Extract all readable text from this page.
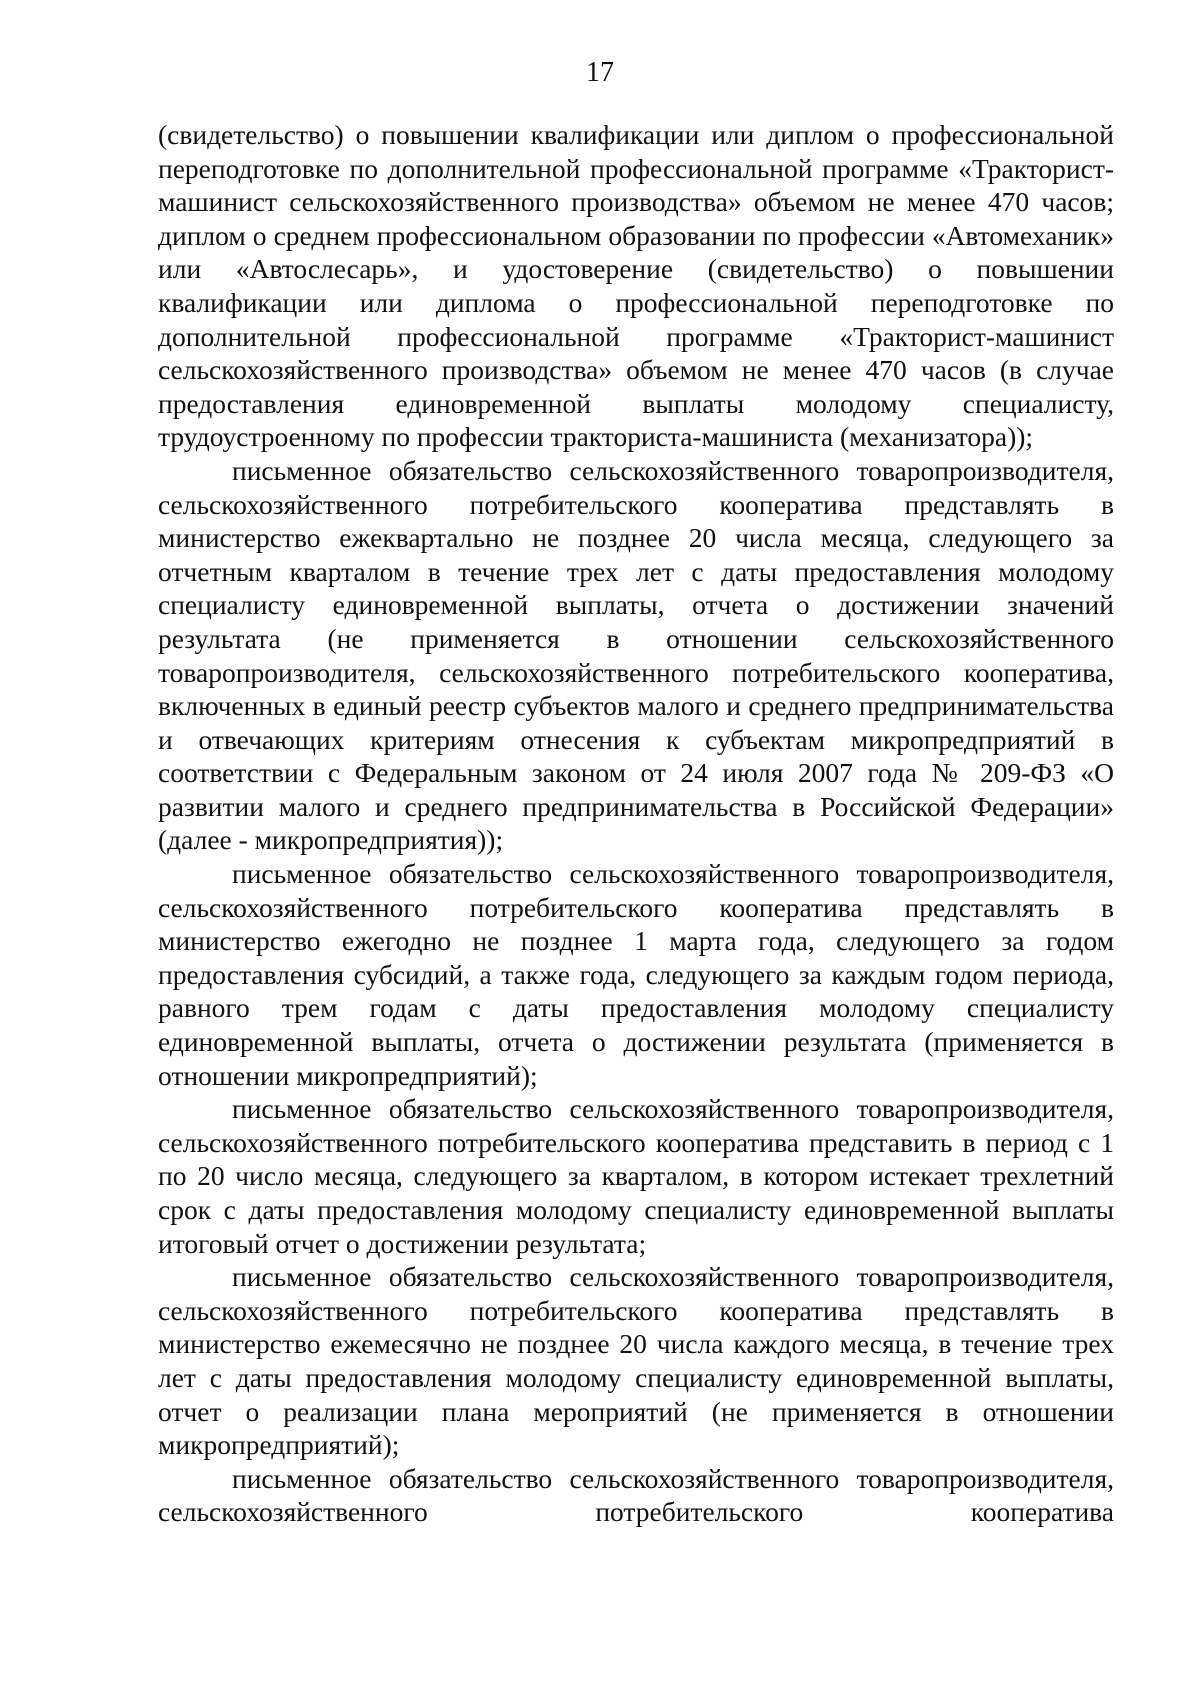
17

(свидетельство) о повышении квалификации или диплом о профессиональной переподготовке по дополнительной профессиональной программе «Тракторист-машинист сельскохозяйственного производства» объемом не менее 470 часов; диплом о среднем профессиональном образовании по профессии «Автомеханик» или «Автослесарь», и удостоверение (свидетельство) о повышении квалификации или диплома о профессиональной переподготовке по дополнительной профессиональной программе «Тракторист-машинист сельскохозяйственного производства» объемом не менее 470 часов (в случае предоставления единовременной выплаты молодому специалисту, трудоустроенному по профессии тракториста-машиниста (механизатора));

письменное обязательство сельскохозяйственного товаропроизводителя, сельскохозяйственного потребительского кооператива представлять в министерство ежеквартально не позднее 20 числа месяца, следующего за отчетным кварталом в течение трех лет с даты предоставления молодому специалисту единовременной выплаты, отчета о достижении значений результата (не применяется в отношении сельскохозяйственного товаропроизводителя, сельскохозяйственного потребительского кооператива, включенных в единый реестр субъектов малого и среднего предпринимательства и отвечающих критериям отнесения к субъектам микропредприятий в соответствии с Федеральным законом от 24 июля 2007 года № 209-ФЗ «О развитии малого и среднего предпринимательства в Российской Федерации» (далее - микропредприятия));

письменное обязательство сельскохозяйственного товаропроизводителя, сельскохозяйственного потребительского кооператива представлять в министерство ежегодно не позднее 1 марта года, следующего за годом предоставления субсидий, а также года, следующего за каждым годом периода, равного трем годам с даты предоставления молодому специалисту единовременной выплаты, отчета о достижении результата (применяется в отношении микропредприятий);

письменное обязательство сельскохозяйственного товаропроизводителя, сельскохозяйственного потребительского кооператива представить в период с 1 по 20 число месяца, следующего за кварталом, в котором истекает трехлетний срок с даты предоставления молодому специалисту единовременной выплаты итоговый отчет о достижении результата;

письменное обязательство сельскохозяйственного товаропроизводителя, сельскохозяйственного потребительского кооператива представлять в министерство ежемесячно не позднее 20 числа каждого месяца, в течение трех лет с даты предоставления молодому специалисту единовременной выплаты, отчет о реализации плана мероприятий (не применяется в отношении микропредприятий);

письменное обязательство сельскохозяйственного товаропроизводителя, сельскохозяйственного потребительского кооператива
